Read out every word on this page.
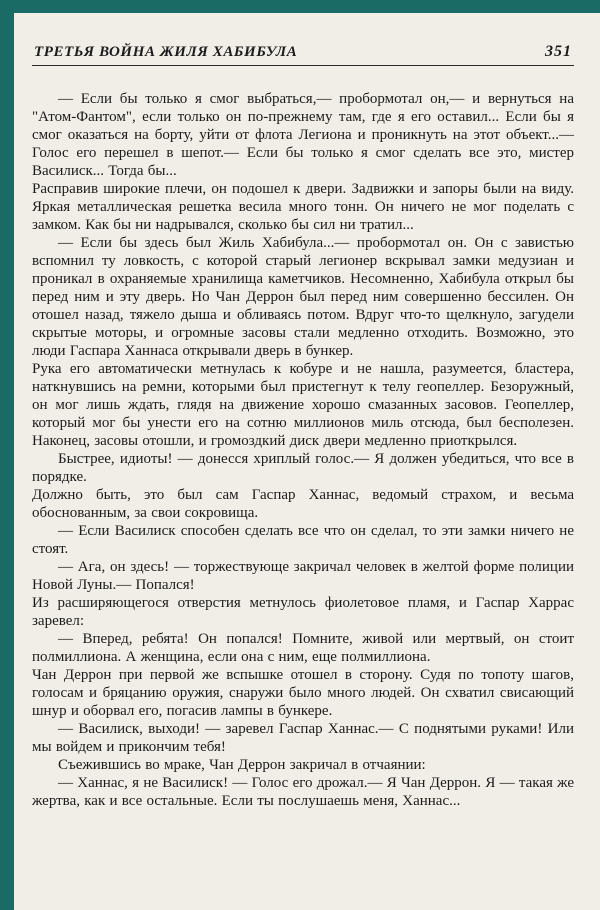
ТРЕТЬЯ ВОЙНА ЖИЛЯ ХАБИБУЛА	351

— Если бы только я смог выбраться,— пробормотал он,— и вернуться на "Атом-Фантом", если только он по-прежнему там, где я его оставил... Если бы я смог оказаться на борту, уйти от флота Легиона и проникнуть на этот объект...— Голос его перешел в шепот.— Если бы только я смог сделать все это, мистер Василиск... Тогда бы...

Расправив широкие плечи, он подошел к двери. Задвижки и запоры были на виду. Яркая металлическая решетка весила много тонн. Он ничего не мог поделать с замком. Как бы ни надрывался, сколько бы сил ни тратил...

— Если бы здесь был Жиль Хабибула...— пробормотал он. Он с завистью вспомнил ту ловкость, с которой старый легионер вскрывал замки медузиан и проникал в охраняемые хранилища каметчиков. Несомненно, Хабибула открыл бы перед ним и эту дверь. Но Чан Деррон был перед ним совершенно бессилен. Он отошел назад, тяжело дыша и обливаясь потом. Вдруг что-то щелкнуло, загудели скрытые моторы, и огромные засовы стали медленно отходить. Возможно, это люди Гаспара Ханнаса открывали дверь в бункер.

Рука его автоматически метнулась к кобуре и не нашла, разумеется, бластера, наткнувшись на ремни, которыми был пристегнут к телу геопеллер. Безоружный, он мог лишь ждать, глядя на движение хорошо смазанных засовов. Геопеллер, который мог бы унести его на сотню миллионов миль отсюда, был бесполезен. Наконец, засовы отошли, и громоздкий диск двери медленно приоткрылся.

Быстрее, идиоты! — донесся хриплый голос.— Я должен убедиться, что все в порядке.

Должно быть, это был сам Гаспар Ханнас, ведомый страхом, и весьма обоснованным, за свои сокровища.

— Если Василиск способен сделать все что он сделал, то эти замки ничего не стоят.

— Ага, он здесь! — торжествующе закричал человек в желтой форме полиции Новой Луны.— Попался!

Из расширяющегося отверстия метнулось фиолетовое пламя, и Гаспар Харрас заревел:

— Вперед, ребята! Он попался! Помните, живой или мертвый, он стоит полмиллиона. А женщина, если она с ним, еще полмиллиона.

Чан Деррон при первой же вспышке отошел в сторону. Судя по топоту шагов, голосам и бряцанию оружия, снаружи было много людей. Он схватил свисающий шнур и оборвал его, погасив лампы в бункере.

— Василиск, выходи! — заревел Гаспар Ханнас.— С поднятыми руками! Или мы войдем и прикончим тебя!

Съежившись во мраке, Чан Деррон закричал в отчаянии:

— Ханнас, я не Василиск! — Голос его дрожал.— Я Чан Деррон. Я — такая же жертва, как и все остальные. Если ты послушаешь меня, Ханнас...
